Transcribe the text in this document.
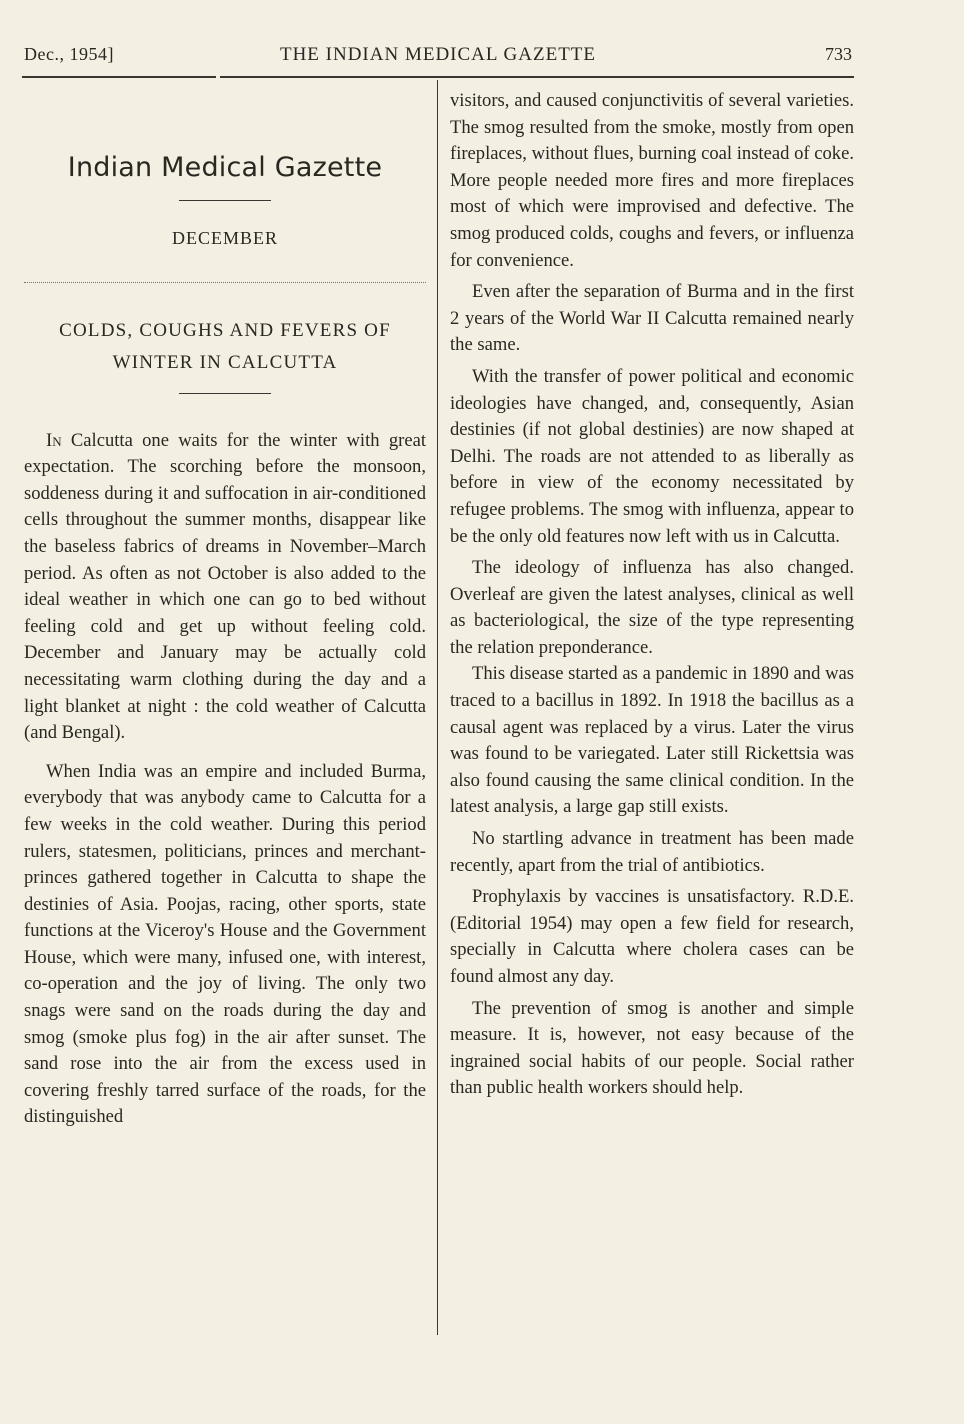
Dec., 1954]	THE INDIAN MEDICAL GAZETTE	733
Indian Medical Gazette
DECEMBER
COLDS, COUGHS AND FEVERS OF
WINTER IN CALCUTTA

In Calcutta one waits for the winter with great expectation. The scorching before the monsoon, soddeness during it and suffocation in air-conditioned cells throughout the summer months, disappear like the baseless fabrics of dreams in November–March period. As often as not October is also added to the ideal weather in which one can go to bed without feeling cold and get up without feeling cold. December and January may be actually cold necessitating warm clothing during the day and a light blanket at night : the cold weather of Calcutta (and Bengal).

When India was an empire and included Burma, everybody that was anybody came to Calcutta for a few weeks in the cold weather. During this period rulers, statesmen, politicians, princes and merchant-princes gathered together in Calcutta to shape the destinies of Asia. Poojas, racing, other sports, state functions at the Viceroy's House and the Government House, which were many, infused one, with interest, co-operation and the joy of living. The only two snags were sand on the roads during the day and smog (smoke plus fog) in the air after sunset. The sand rose into the air from the excess used in covering freshly tarred surface of the roads, for the distinguished

visitors, and caused conjunctivitis of several varieties. The smog resulted from the smoke, mostly from open fireplaces, without flues, burning coal instead of coke. More people needed more fires and more fireplaces most of which were improvised and defective. The smog produced colds, coughs and fevers, or influenza for convenience.

Even after the separation of Burma and in the first 2 years of the World War II Calcutta remained nearly the same.

With the transfer of power political and economic ideologies have changed, and, consequently, Asian destinies (if not global destinies) are now shaped at Delhi. The roads are not attended to as liberally as before in view of the economy necessitated by refugee problems. The smog with influenza, appear to be the only old features now left with us in Calcutta.

The ideology of influenza has also changed. Overleaf are given the latest analyses, clinical as well as bacteriological, the size of the type representing the relation preponderance.

This disease started as a pandemic in 1890 and was traced to a bacillus in 1892. In 1918 the bacillus as a causal agent was replaced by a virus. Later the virus was found to be variegated. Later still Rickettsia was also found causing the same clinical condition. In the latest analysis, a large gap still exists.

No startling advance in treatment has been made recently, apart from the trial of antibiotics.

Prophylaxis by vaccines is unsatisfactory. R.D.E. (Editorial 1954) may open a few field for research, specially in Calcutta where cholera cases can be found almost any day.

The prevention of smog is another and simple measure. It is, however, not easy because of the ingrained social habits of our people. Social rather than public health workers should help.
